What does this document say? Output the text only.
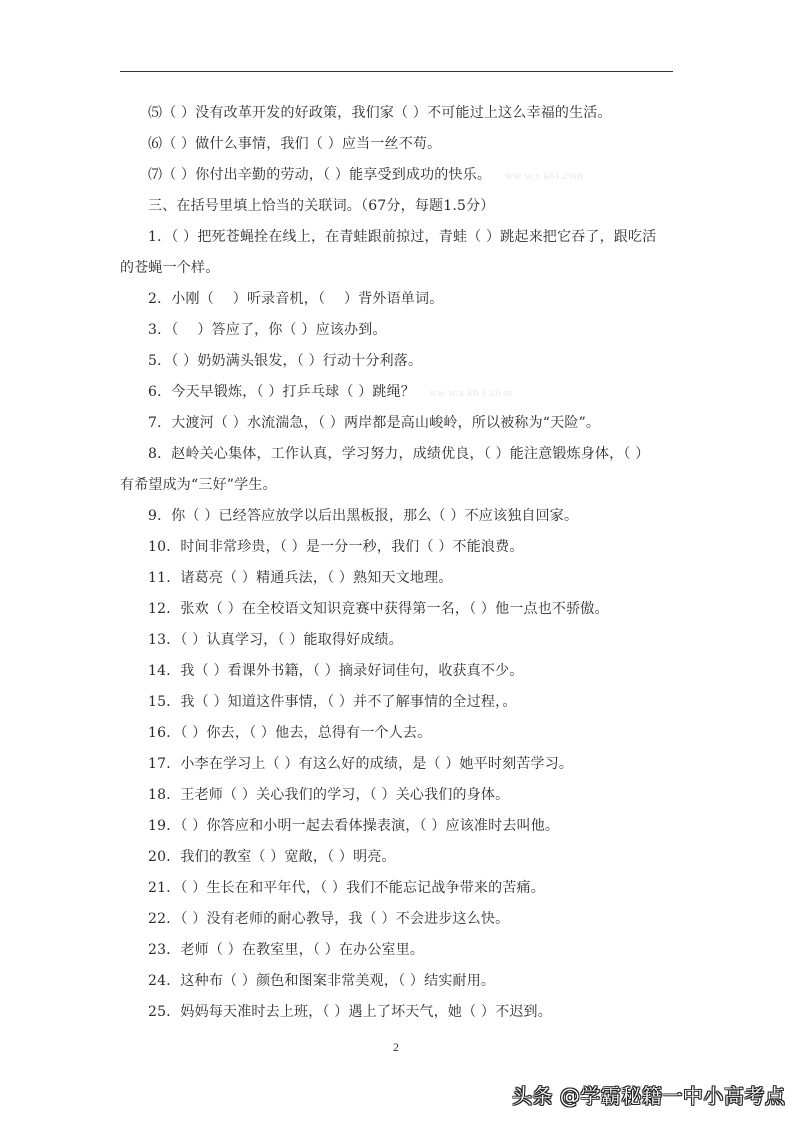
⑸（ ）没有改革开发的好政策，我们家（ ）不可能过上这么幸福的生活。
⑹（ ）做什么事情，我们（ ）应当一丝不苟。
⑺（ ）你付出辛勤的劳动，（ ）能享受到成功的快乐。 ww w.x kb1.com
三、在括号里填上恰当的关联词。（67分，每题1.5分）
1．（ ）把死苍蝇拴在线上，在青蛙跟前掠过，青蛙（ ）跳起来把它吞了，跟吃活
的苍蝇一个样。
2．小刚（　 ）听录音机，（　 ）背外语单词。
3．（　 ）答应了，你（ ）应该办到。
5．（ ）奶奶满头银发，（ ）行动十分利落。
6．今天早锻炼，（ ）打乒乓球（ ）跳绳？ ww w.x kb 1.co m
7．大渡河（ ）水流湍急，（ ）两岸都是高山峻岭，所以被称为“天险”。
8．赵岭关心集体，工作认真，学习努力，成绩优良，（ ）能注意锻炼身体，（ ）
有希望成为“三好”学生。
9．你（ ）已经答应放学以后出黑板报，那么（ ）不应该独自回家。
10．时间非常珍贵，（ ）是一分一秒，我们（ ）不能浪费。
11．诸葛亮（ ）精通兵法，（ ）熟知天文地理。
12．张欢（ ）在全校语文知识竞赛中获得第一名，（ ）他一点也不骄傲。
13．（ ）认真学习，（ ）能取得好成绩。
14．我（ ）看课外书籍，（ ）摘录好词佳句，收获真不少。
15．我（ ）知道这件事情，（ ）并不了解事情的全过程，。
16．（ ）你去，（ ）他去，总得有一个人去。
17．小李在学习上（ ）有这么好的成绩，是（ ）她平时刻苦学习。
18．王老师（ ）关心我们的学习，（ ）关心我们的身体。
19．（ ）你答应和小明一起去看体操表演，（ ）应该准时去叫他。
20．我们的教室（ ）宽敞，（ ）明亮。
21．（ ）生长在和平年代，（ ）我们不能忘记战争带来的苦痛。
22．（ ）没有老师的耐心教导，我（ ）不会进步这么快。
23．老师（ ）在教室里，（ ）在办公室里。
24．这种布（ ）颜色和图案非常美观，（ ）结实耐用。
25．妈妈每天准时去上班，（ ）遇上了坏天气，她（ ）不迟到。
2
头条 @学霸秘籍一中小高考点
